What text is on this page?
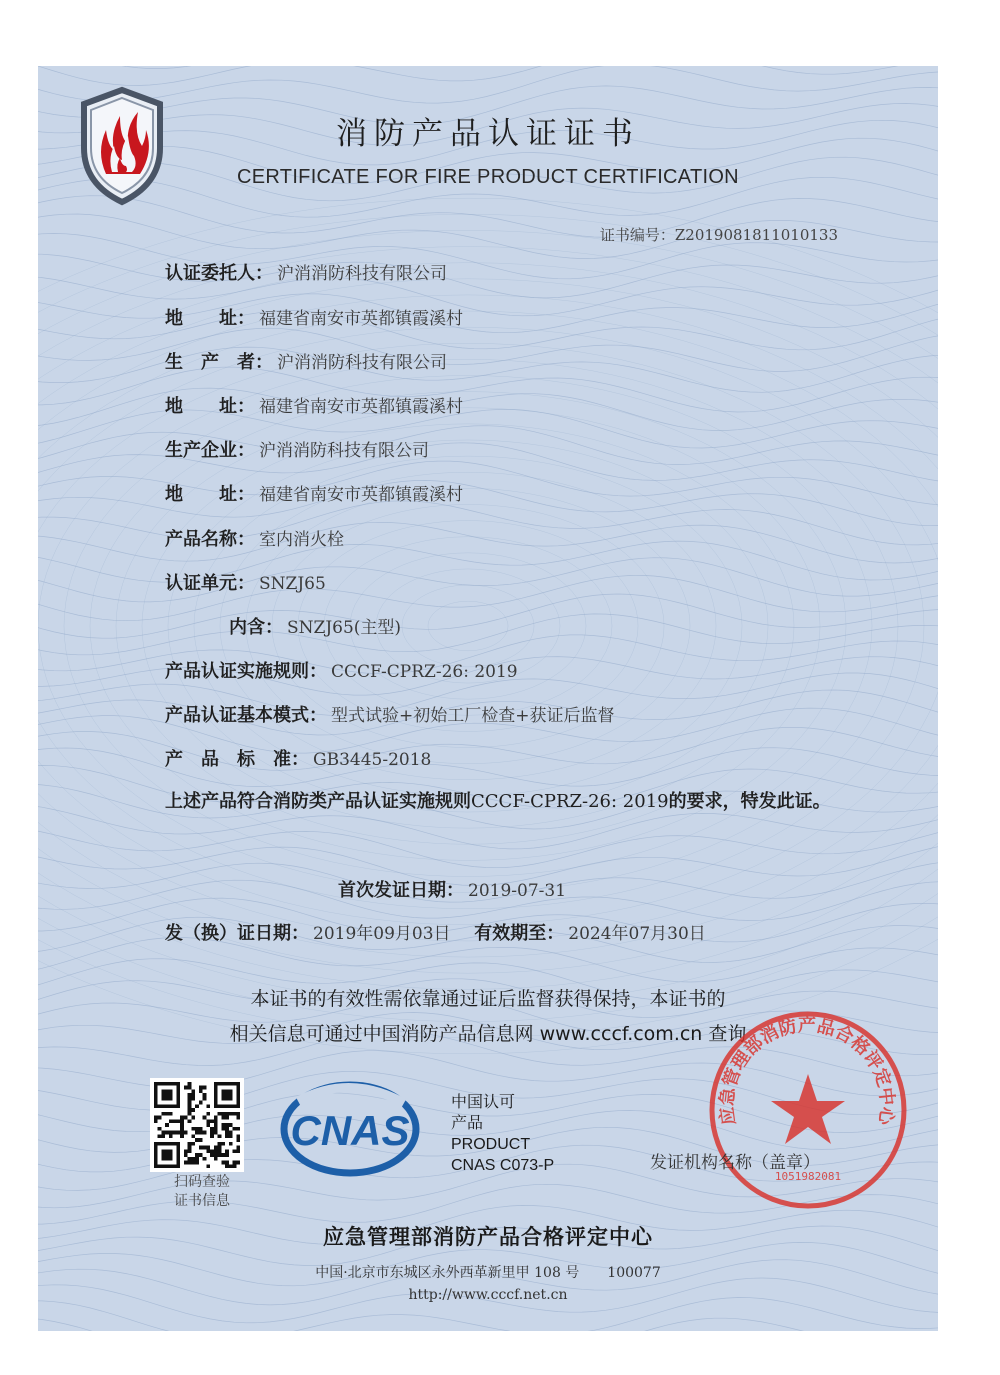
消防产品认证证书
CERTIFICATE FOR FIRE PRODUCT CERTIFICATION
证书编号：Z2019081811010133
认证委托人： 沪消消防科技有限公司
地　　址： 福建省南安市英都镇霞溪村
生　产　者： 沪消消防科技有限公司
地　　址： 福建省南安市英都镇霞溪村
生产企业： 沪消消防科技有限公司
地　　址： 福建省南安市英都镇霞溪村
产品名称： 室内消火栓
认证单元： SNZJ65
内含： SNZJ65(主型)
产品认证实施规则： CCCF-CPRZ-26: 2019
产品认证基本模式： 型式试验+初始工厂检查+获证后监督
产　品　标　准： GB3445-2018
上述产品符合消防类产品认证实施规则CCCF-CPRZ-26: 2019的要求，特发此证。
首次发证日期： 2019-07-31
发（换）证日期： 2019年09月03日 有效期至： 2024年07月30日
本证书的有效性需依靠通过证后监督获得保持，本证书的
相关信息可通过中国消防产品信息网 www.cccf.com.cn 查询
扫码查验
证书信息
CNAS
中国认可
产品
PRODUCT
CNAS C073-P
应急管理部消防产品合格评定中心
1051982081
发证机构名称（盖章）
应急管理部消防产品合格评定中心
中国·北京市东城区永外西革新里甲 108 号　　100077
http://www.cccf.net.cn
